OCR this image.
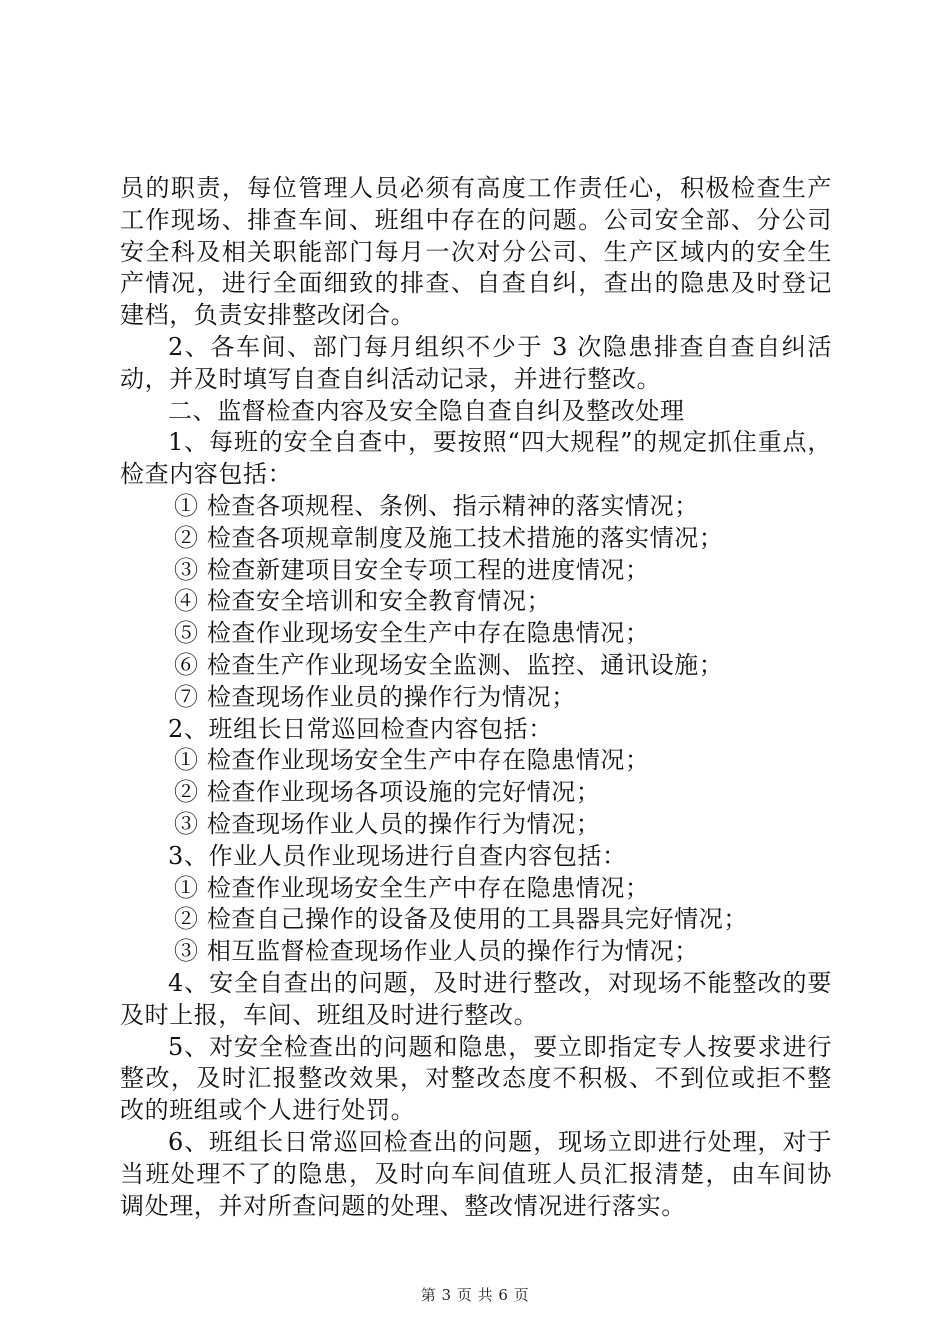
员的职责，每位管理人员必须有高度工作责任心，积极检查生产工作现场、排查车间、班组中存在的问题。公司安全部、分公司安全科及相关职能部门每月一次对分公司、生产区域内的安全生产情况，进行全面细致的排查、自查自纠，查出的隐患及时登记建档，负责安排整改闭合。

2、各车间、部门每月组织不少于 3 次隐患排查自查自纠活动，并及时填写自查自纠活动记录，并进行整改。

二、监督检查内容及安全隐自查自纠及整改处理

1、每班的安全自查中，要按照“四大规程”的规定抓住重点，检查内容包括：

① 检查各项规程、条例、指示精神的落实情况；

② 检查各项规章制度及施工技术措施的落实情况；

③ 检查新建项目安全专项工程的进度情况；

④ 检查安全培训和安全教育情况；

⑤ 检查作业现场安全生产中存在隐患情况；

⑥ 检查生产作业现场安全监测、监控、通讯设施；

⑦ 检查现场作业员的操作行为情况；

2、班组长日常巡回检查内容包括：

① 检查作业现场安全生产中存在隐患情况；

② 检查作业现场各项设施的完好情况；

③ 检查现场作业人员的操作行为情况；

3、作业人员作业现场进行自查内容包括：

① 检查作业现场安全生产中存在隐患情况；

② 检查自己操作的设备及使用的工具器具完好情况；

③ 相互监督检查现场作业人员的操作行为情况；

4、安全自查出的问题，及时进行整改，对现场不能整改的要及时上报，车间、班组及时进行整改。

5、对安全检查出的问题和隐患，要立即指定专人按要求进行整改，及时汇报整改效果，对整改态度不积极、不到位或拒不整改的班组或个人进行处罚。

6、班组长日常巡回检查出的问题，现场立即进行处理，对于当班处理不了的隐患，及时向车间值班人员汇报清楚，由车间协调处理，并对所查问题的处理、整改情况进行落实。

第 3 页 共 6 页
